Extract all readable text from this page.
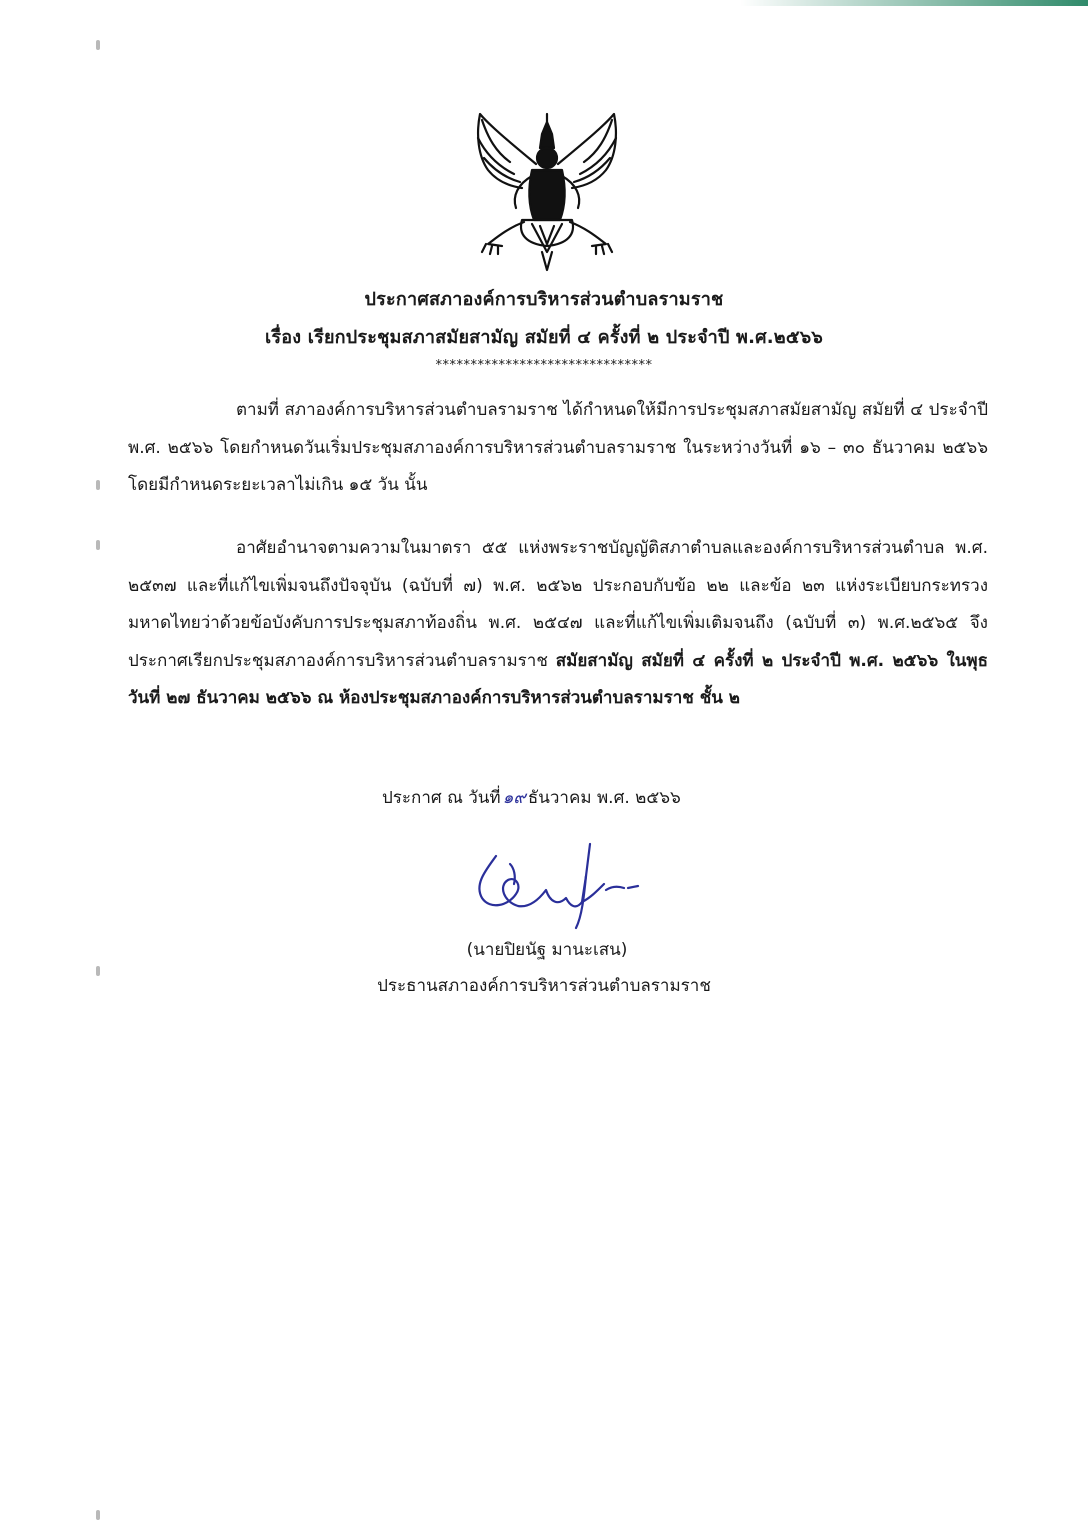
ประกาศสภาองค์การบริหารส่วนตำบลรามราช
เรื่อง เรียกประชุมสภาสมัยสามัญ สมัยที่ ๔ ครั้งที่ ๒ ประจำปี พ.ศ.๒๕๖๖
*******************************
ตามที่ สภาองค์การบริหารส่วนตำบลรามราช ได้กำหนดให้มีการประชุมสภาสมัยสามัญ สมัยที่ ๔ ประจำปี พ.ศ. ๒๕๖๖ โดยกำหนดวันเริ่มประชุมสภาองค์การบริหารส่วนตำบลรามราช ในระหว่างวันที่ ๑๖ – ๓๐ ธันวาคม ๒๕๖๖ โดยมีกำหนดระยะเวลาไม่เกิน ๑๕ วัน นั้น
อาศัยอำนาจตามความในมาตรา ๕๕ แห่งพระราชบัญญัติสภาตำบลและองค์การบริหารส่วนตำบล พ.ศ. ๒๕๓๗ และที่แก้ไขเพิ่มจนถึงปัจจุบัน (ฉบับที่ ๗) พ.ศ. ๒๕๖๒ ประกอบกับข้อ ๒๒ และข้อ ๒๓ แห่งระเบียบกระทรวงมหาดไทยว่าด้วยข้อบังคับการประชุมสภาท้องถิ่น พ.ศ. ๒๕๔๗ และที่แก้ไขเพิ่มเติมจนถึง (ฉบับที่ ๓) พ.ศ.๒๕๖๕ จึงประกาศเรียกประชุมสภาองค์การบริหารส่วนตำบลรามราช สมัยสามัญ สมัยที่ ๔ ครั้งที่ ๒ ประจำปี พ.ศ. ๒๕๖๖ ในพุธ วันที่ ๒๗ ธันวาคม ๒๕๖๖ ณ ห้องประชุมสภาองค์การบริหารส่วนตำบลรามราช ชั้น ๒
ประกาศ ณ วันที่ ๑๙ ธันวาคม พ.ศ. ๒๕๖๖
(นายปิยนัฐ มานะเสน)
ประธานสภาองค์การบริหารส่วนตำบลรามราช
